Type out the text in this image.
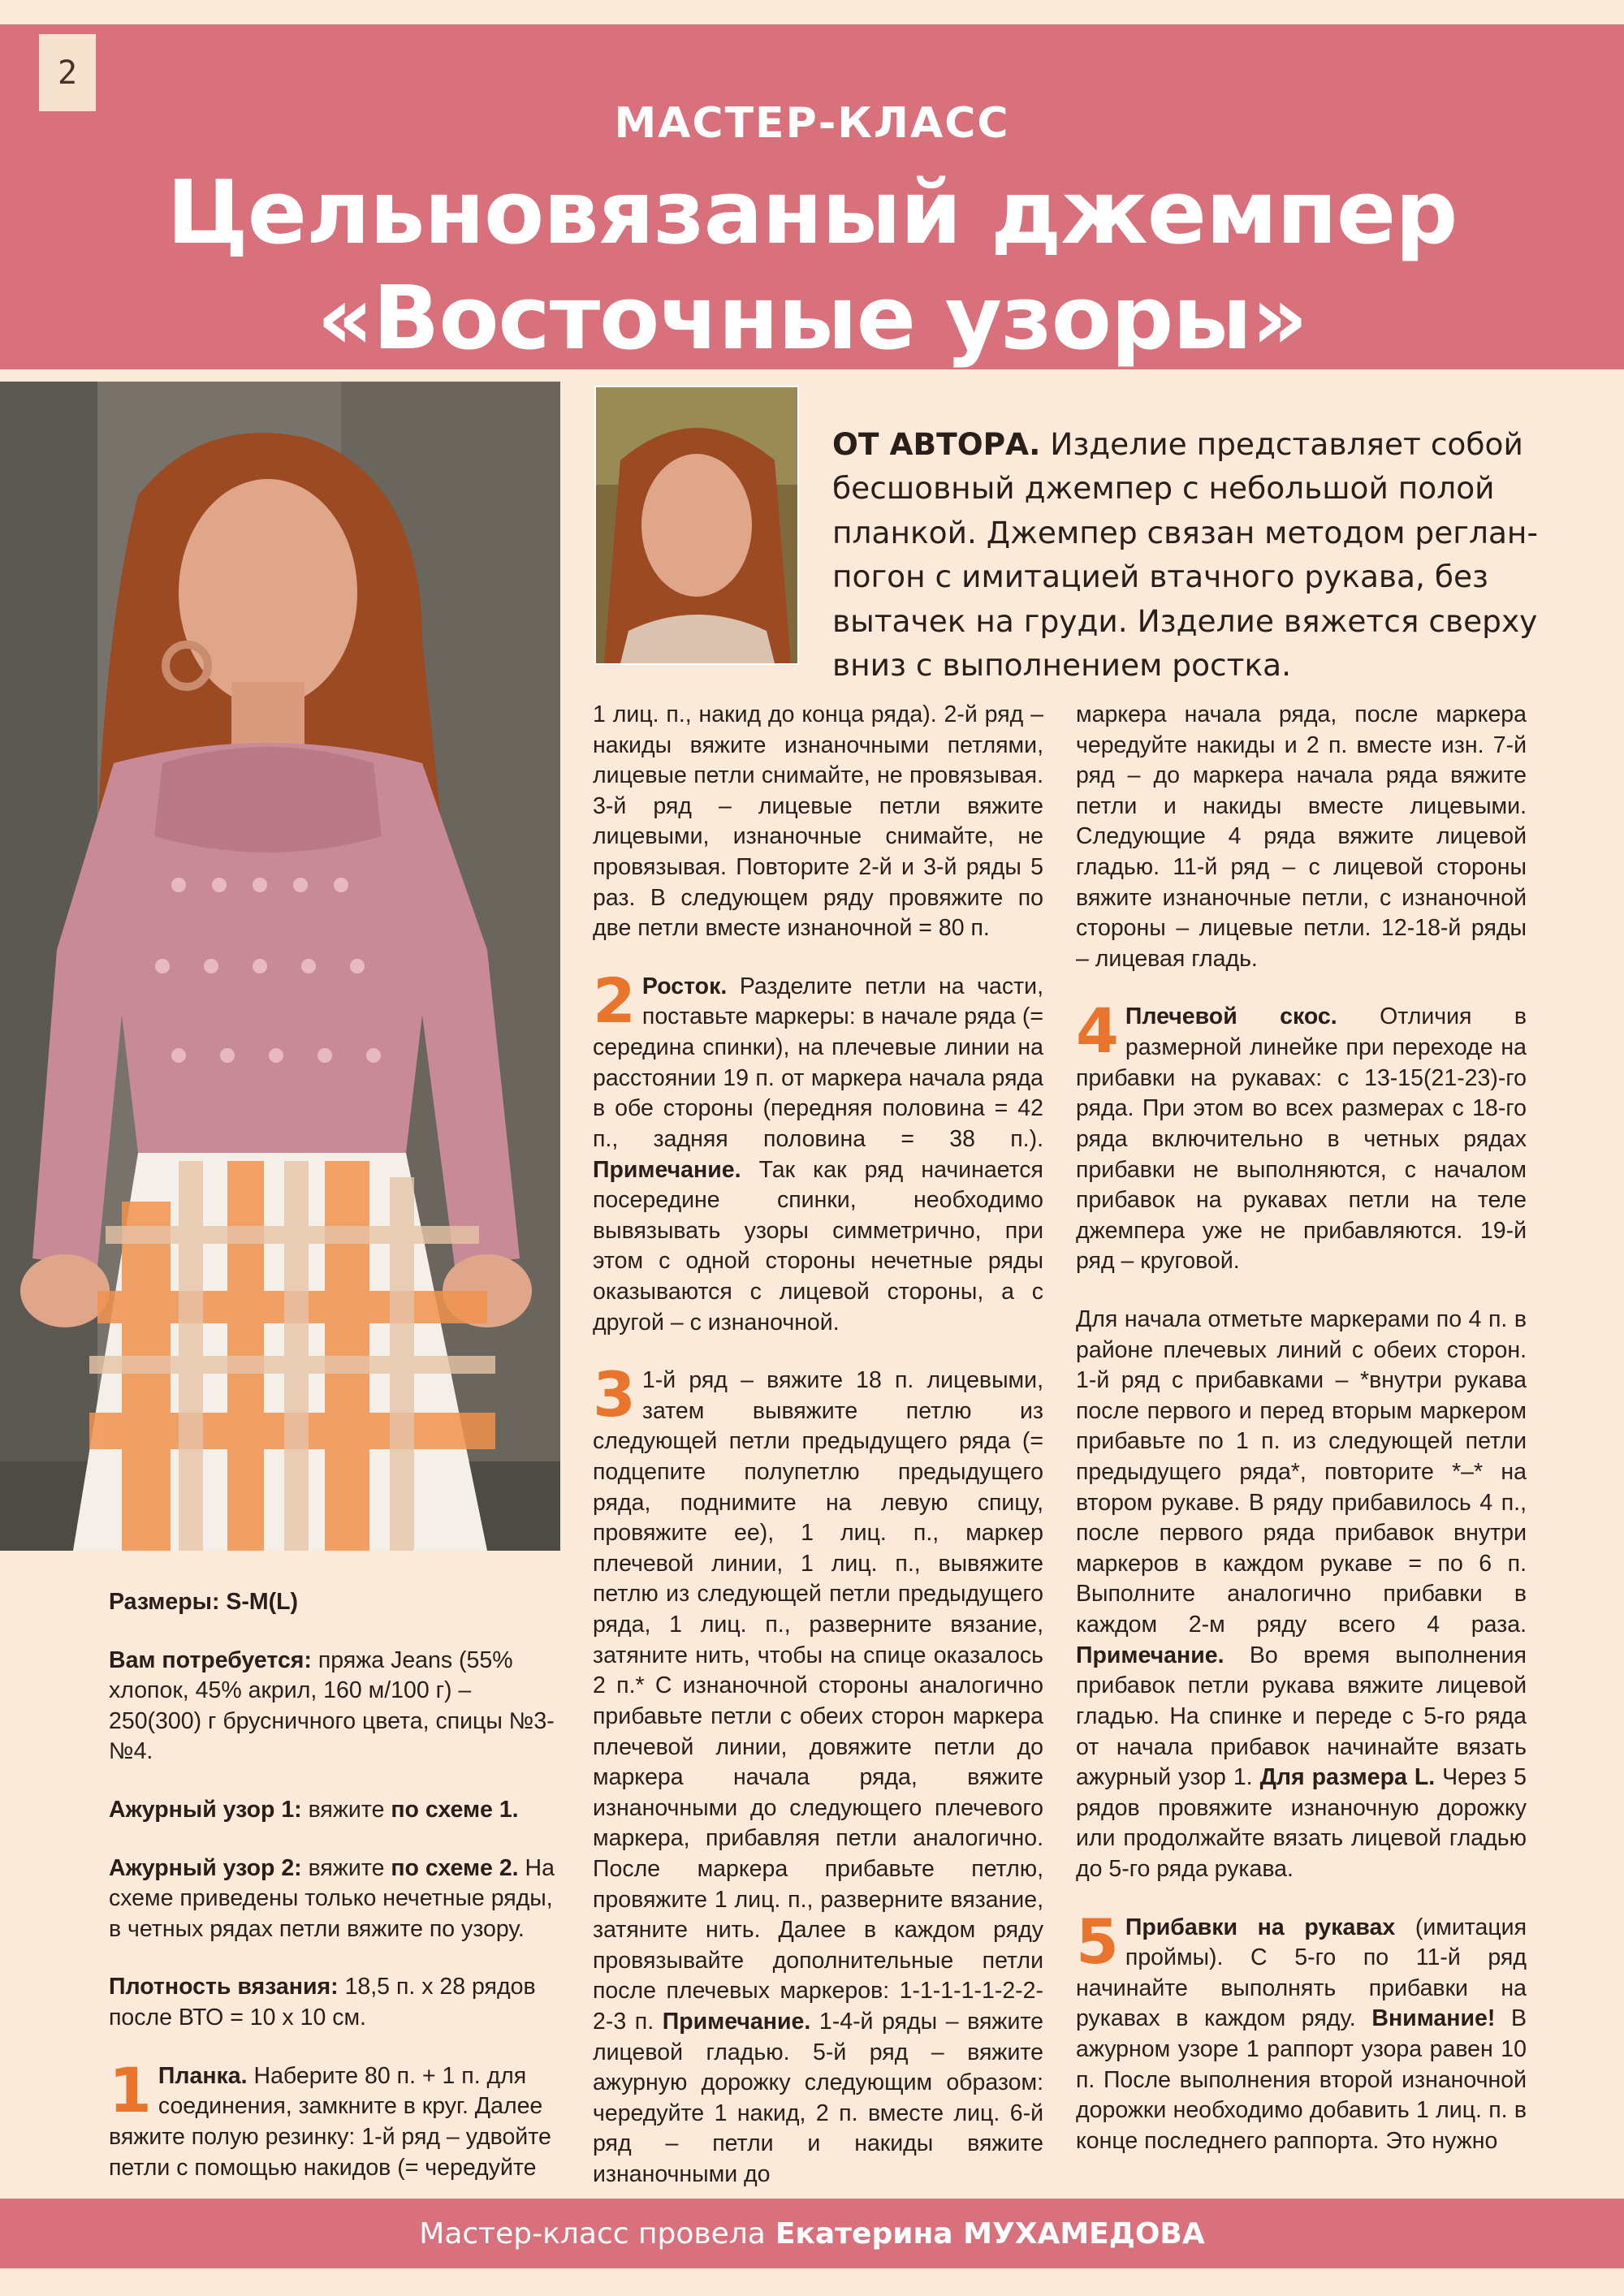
МАСТЕР-КЛАСС
Цельновязаный джемпер
«Восточные узоры»
2
ОТ АВТОРА. Изделие представляет собой бесшовный джемпер с небольшой полой планкой. Джемпер связан методом реглан-погон с имитацией втачного рукава, без вытачек на груди. Изделие вяжется сверху вниз с выполнением ростка.

Размеры: S-M(L)

Вам потребуется: пряжа Jeans (55% хлопок, 45% акрил, 160 м/100 г) – 250(300) г брусничного цвета, спицы №3-№4.

Ажурный узор 1: вяжите по схеме 1.

Ажурный узор 2: вяжите по схеме 2. На схеме приведены только нечетные ряды, в четных рядах петли вяжите по узору.

Плотность вязания: 18,5 п. х 28 рядов после ВТО = 10 х 10 см.

1 Планка. Наберите 80 п. + 1 п. для соединения, замкните в круг. Далее вяжите полую резинку: 1-й ряд – удвойте петли с помощью накидов (= чередуйте

1 лиц. п., накид до конца ряда). 2-й ряд – накиды вяжите изнаночными петлями, лицевые петли снимайте, не провязывая. 3-й ряд – лицевые петли вяжите лицевыми, изнаночные снимайте, не провязывая. Повторите 2-й и 3-й ряды 5 раз. В следующем ряду провяжите по две петли вместе изнаночной = 80 п.

2 Росток. Разделите петли на части, поставьте маркеры: в начале ряда (= середина спинки), на плечевые линии на расстоянии 19 п. от маркера начала ряда в обе стороны (передняя половина = 42 п., задняя половина = 38 п.). Примечание. Так как ряд начинается посередине спинки, необходимо вывязывать узоры симметрично, при этом с одной стороны нечетные ряды оказываются с лицевой стороны, а с другой – с изнаночной.

3 1-й ряд – вяжите 18 п. лицевыми, затем вывяжите петлю из следующей петли предыдущего ряда (= подцепите полупетлю предыдущего ряда, поднимите на левую спицу, провяжите ее), 1 лиц. п., маркер плечевой линии, 1 лиц. п., вывяжите петлю из следующей петли предыдущего ряда, 1 лиц. п., разверните вязание, затяните нить, чтобы на спице оказалось 2 п.* С изнаночной стороны аналогично прибавьте петли с обеих сторон маркера плечевой линии, довяжите петли до маркера начала ряда, вяжите изнаночными до следующего плечевого маркера, прибавляя петли аналогично. После маркера прибавьте петлю, провяжите 1 лиц. п., разверните вязание, затяните нить. Далее в каждом ряду провязывайте дополнительные петли после плечевых маркеров: 1-1-1-1-1-2-2-2-3 п. Примечание. 1-4-й ряды – вяжите лицевой гладью. 5-й ряд – вяжите ажурную дорожку следующим образом: чередуйте 1 накид, 2 п. вместе лиц. 6-й ряд – петли и накиды вяжите изнаночными до

маркера начала ряда, после маркера чередуйте накиды и 2 п. вместе изн. 7-й ряд – до маркера начала ряда вяжите петли и накиды вместе лицевыми. Следующие 4 ряда вяжите лицевой гладью. 11-й ряд – с лицевой стороны вяжите изнаночные петли, с изнаночной стороны – лицевые петли. 12-18-й ряды – лицевая гладь.

4 Плечевой скос. Отличия в размерной линейке при переходе на прибавки на рукавах: с 13-15(21-23)-го ряда. При этом во всех размерах с 18-го ряда включительно в четных рядах прибавки не выполняются, с началом прибавок на рукавах петли на теле джемпера уже не прибавляются. 19-й ряд – круговой.

Для начала отметьте маркерами по 4 п. в районе плечевых линий с обеих сторон. 1-й ряд с прибавками – *внутри рукава после первого и перед вторым маркером прибавьте по 1 п. из следующей петли предыдущего ряда*, повторите *–* на втором рукаве. В ряду прибавилось 4 п., после первого ряда прибавок внутри маркеров в каждом рукаве = по 6 п. Выполните аналогично прибавки в каждом 2-м ряду всего 4 раза. Примечание. Во время выполнения прибавок петли рукава вяжите лицевой гладью. На спинке и переде с 5-го ряда от начала прибавок начинайте вязать ажурный узор 1. Для размера L. Через 5 рядов провяжите изнаночную дорожку или продолжайте вязать лицевой гладью до 5-го ряда рукава.

5 Прибавки на рукавах (имитация проймы). С 5-го по 11-й ряд начинайте выполнять прибавки на рукавах в каждом ряду. Внимание! В ажурном узоре 1 раппорт узора равен 10 п. После выполнения второй изнаночной дорожки необходимо добавить 1 лиц. п. в конце последнего раппорта. Это нужно

Мастер-класс провела Екатерина МУХАМЕДОВА
